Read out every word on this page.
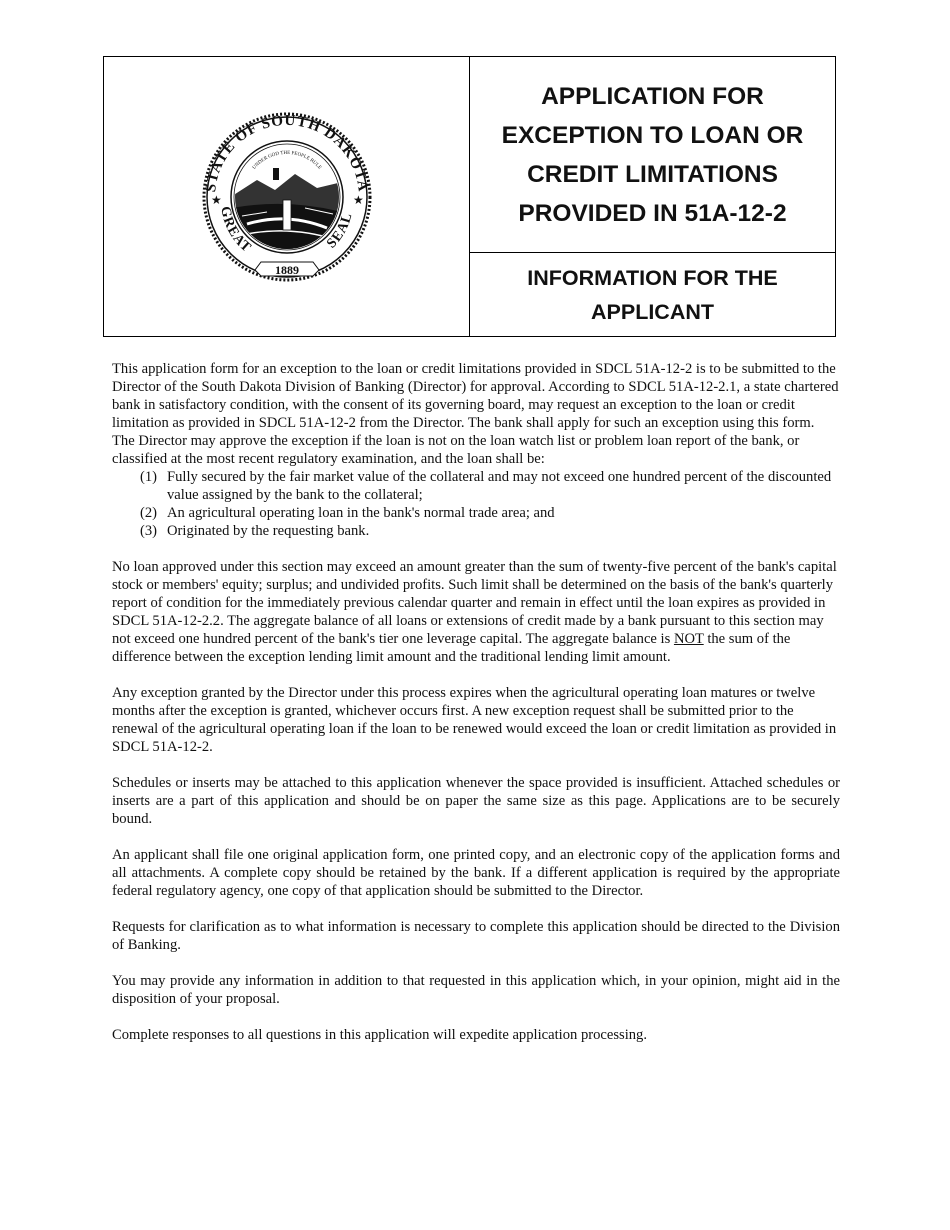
STATE OF SOUTH DAKOTA
GREAT	SEAL
★	★
1889
UNDER GOD THE PEOPLE RULE
APPLICATION FOR EXCEPTION TO LOAN OR CREDIT LIMITATIONS PROVIDED IN 51A-12-2
INFORMATION FOR THE APPLICANT

This application form for an exception to the loan or credit limitations provided in SDCL 51A-12-2 is to be submitted to the Director of the South Dakota Division of Banking (Director) for approval. According to SDCL 51A-12-2.1, a state chartered bank in satisfactory condition, with the consent of its governing board, may request an exception to the loan or credit limitation as provided in SDCL 51A-12-2 from the Director. The bank shall apply for such an exception using this form. The Director may approve the exception if the loan is not on the loan watch list or problem loan report of the bank, or classified at the most recent regulatory examination, and the loan shall be:

(1) Fully secured by the fair market value of the collateral and may not exceed one hundred percent of the discounted value assigned by the bank to the collateral;
(2) An agricultural operating loan in the bank's normal trade area; and
(3) Originated by the requesting bank.

No loan approved under this section may exceed an amount greater than the sum of twenty-five percent of the bank's capital stock or members' equity; surplus; and undivided profits. Such limit shall be determined on the basis of the bank's quarterly report of condition for the immediately previous calendar quarter and remain in effect until the loan expires as provided in SDCL 51A-12-2.2. The aggregate balance of all loans or extensions of credit made by a bank pursuant to this section may not exceed one hundred percent of the bank's tier one leverage capital. The aggregate balance is NOT the sum of the difference between the exception lending limit amount and the traditional lending limit amount.

Any exception granted by the Director under this process expires when the agricultural operating loan matures or twelve months after the exception is granted, whichever occurs first. A new exception request shall be submitted prior to the renewal of the agricultural operating loan if the loan to be renewed would exceed the loan or credit limitation as provided in SDCL 51A-12-2.

Schedules or inserts may be attached to this application whenever the space provided is insufficient. Attached schedules or inserts are a part of this application and should be on paper the same size as this page. Applications are to be securely bound.

An applicant shall file one original application form, one printed copy, and an electronic copy of the application forms and all attachments. A complete copy should be retained by the bank. If a different application is required by the appropriate federal regulatory agency, one copy of that application should be submitted to the Director.

Requests for clarification as to what information is necessary to complete this application should be directed to the Division of Banking.

You may provide any information in addition to that requested in this application which, in your opinion, might aid in the disposition of your proposal.

Complete responses to all questions in this application will expedite application processing.
